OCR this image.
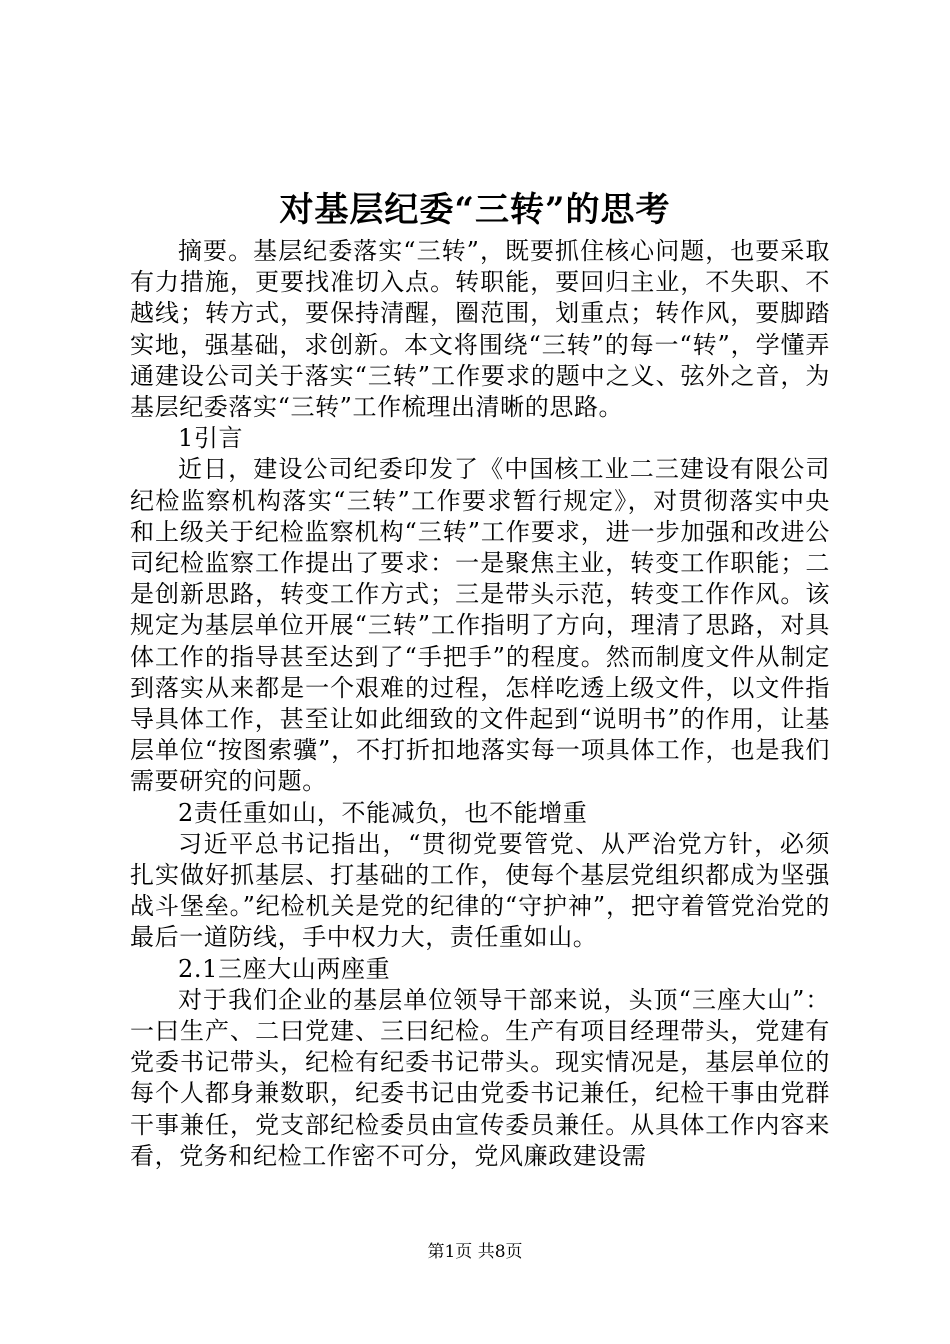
对基层纪委“三转”的思考

摘要。基层纪委落实“三转”，既要抓住核心问题，也要采取有力措施，更要找准切入点。转职能，要回归主业，不失职、不越线；转方式，要保持清醒，圈范围，划重点；转作风，要脚踏实地，强基础，求创新。本文将围绕“三转”的每一“转”，学懂弄通建设公司关于落实“三转”工作要求的题中之义、弦外之音，为基层纪委落实“三转”工作梳理出清晰的思路。

1引言

近日，建设公司纪委印发了《中国核工业二三建设有限公司纪检监察机构落实“三转”工作要求暂行规定》，对贯彻落实中央和上级关于纪检监察机构“三转”工作要求，进一步加强和改进公司纪检监察工作提出了要求：一是聚焦主业，转变工作职能；二是创新思路，转变工作方式；三是带头示范，转变工作作风。该规定为基层单位开展“三转”工作指明了方向，理清了思路，对具体工作的指导甚至达到了“手把手”的程度。然而制度文件从制定到落实从来都是一个艰难的过程，怎样吃透上级文件，以文件指导具体工作，甚至让如此细致的文件起到“说明书”的作用，让基层单位“按图索骥”，不打折扣地落实每一项具体工作，也是我们需要研究的问题。

2责任重如山，不能减负，也不能增重

习近平总书记指出，“贯彻党要管党、从严治党方针，必须扎实做好抓基层、打基础的工作，使每个基层党组织都成为坚强战斗堡垒。”纪检机关是党的纪律的“守护神”，把守着管党治党的最后一道防线，手中权力大，责任重如山。

2.1三座大山两座重

对于我们企业的基层单位领导干部来说，头顶“三座大山”：一曰生产、二曰党建、三曰纪检。生产有项目经理带头，党建有党委书记带头，纪检有纪委书记带头。现实情况是，基层单位的每个人都身兼数职，纪委书记由党委书记兼任，纪检干事由党群干事兼任，党支部纪检委员由宣传委员兼任。从具体工作内容来看，党务和纪检工作密不可分，党风廉政建设需

第1页 共8页
